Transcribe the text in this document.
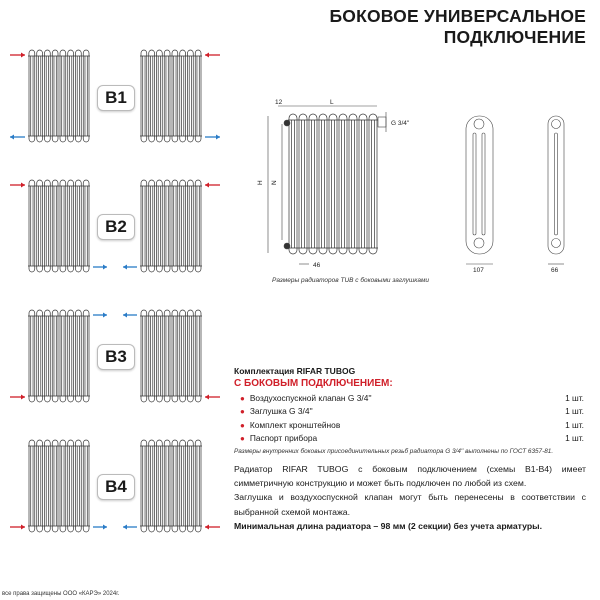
БОКОВОЕ УНИВЕРСАЛЬНОЕ
ПОДКЛЮЧЕНИЕ
B1
B2
B3
B4
L
12
H N
G 3/4''
46
107	66
Размеры радиаторов TUB с боковыми заглушками
Комплектация RIFAR TUBOG
С БОКОВЫМ ПОДКЛЮЧЕНИЕМ:
● Воздухоспускной клапан G 3/4''	1 шт.
● Заглушка G 3/4''	1 шт.
● Комплект кронштейнов	1 шт.
● Паспорт прибора	1 шт.
Размеры внутренних боковых присоединительных резьб радиатора G 3/4'' выполнены по ГОСТ 6357-81.
Радиатор RIFAR TUBOG с боковым подключением (схемы B1-B4) имеет симметричную конструкцию и может быть подключен по любой из схем.
Заглушка и воздухоспускной клапан могут быть перенесены в соответствии с выбранной схемой монтажа.
Минимальная длина радиатора – 98 мм (2 секции) без учета арматуры.
все права защищены ООО «КАРЭ» 2024г.
